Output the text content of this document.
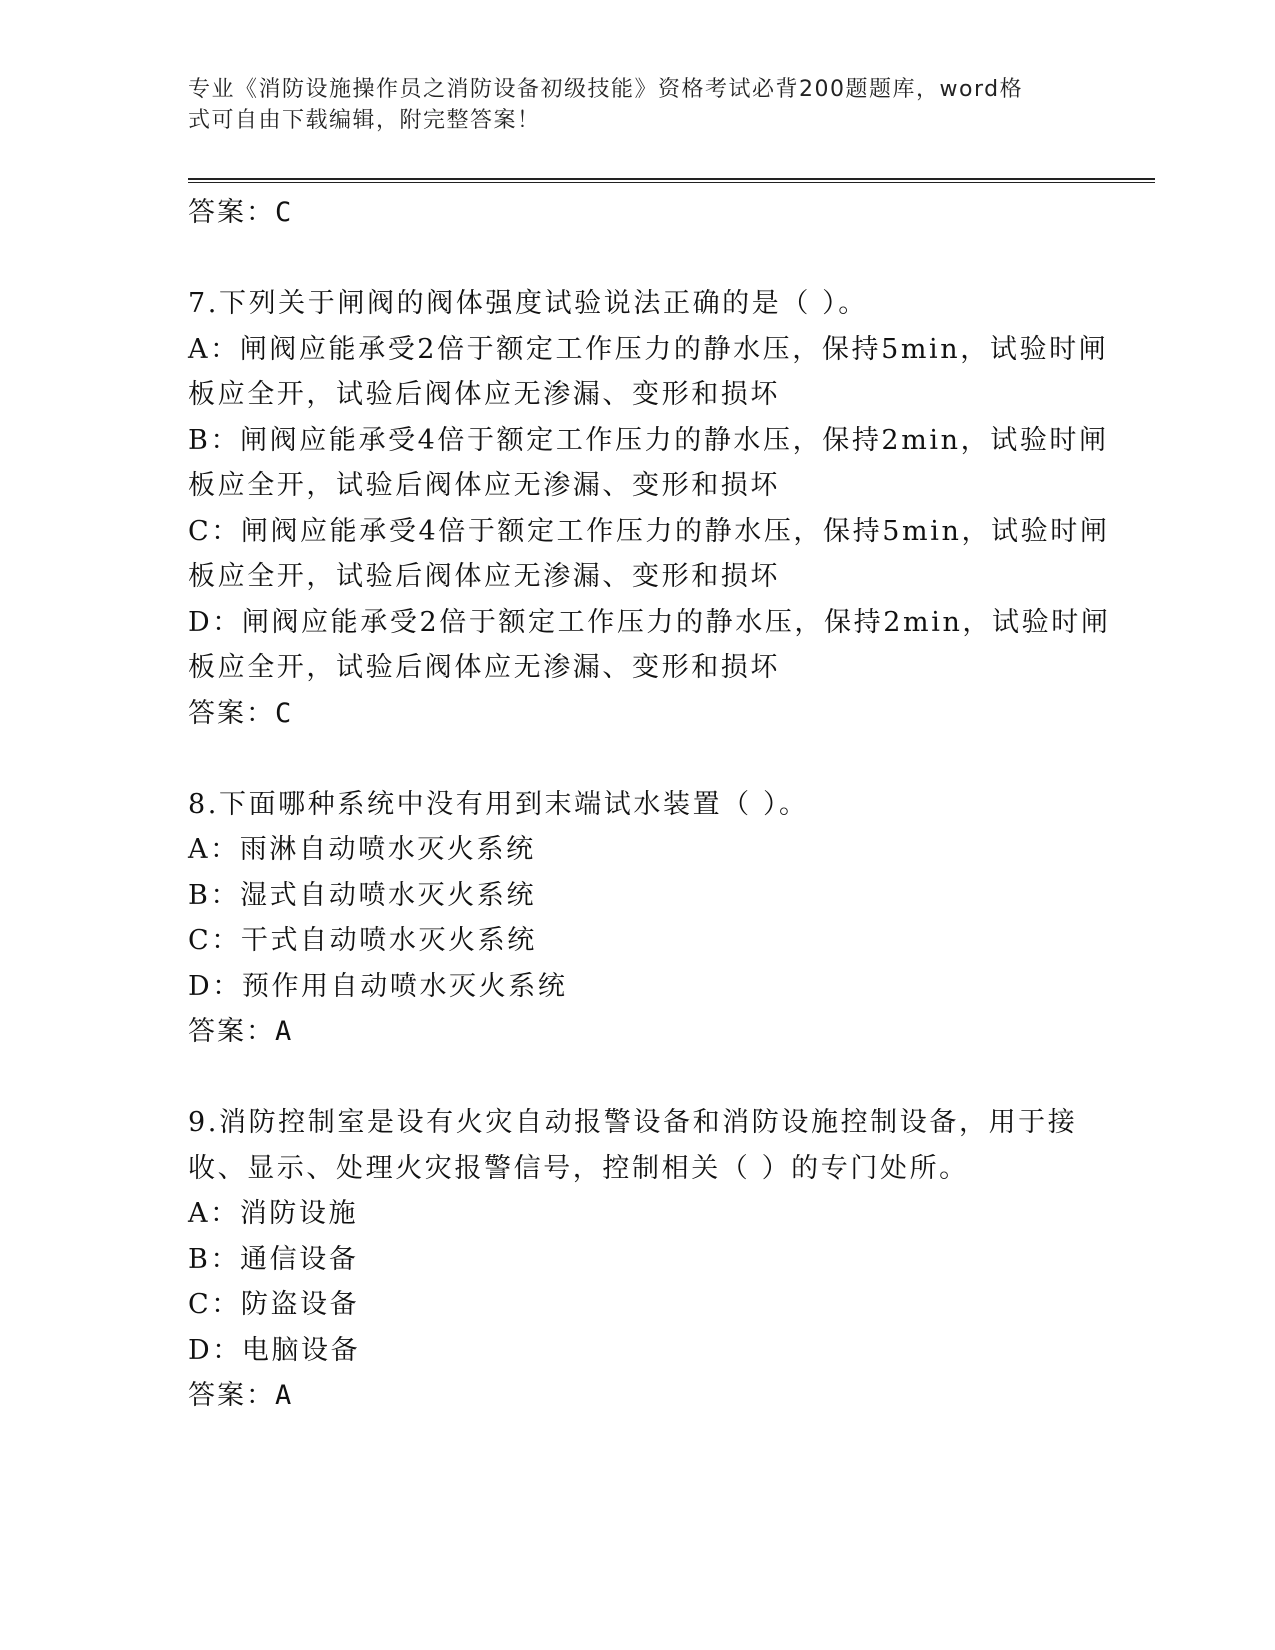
专业《消防设施操作员之消防设备初级技能》资格考试必背200题题库，word格
式可自由下载编辑，附完整答案！
答案：C
7.下列关于闸阀的阀体强度试验说法正确的是（ ）。
A：闸阀应能承受2倍于额定工作压力的静水压，保持5min，试验时闸
板应全开，试验后阀体应无渗漏、变形和损坏
B：闸阀应能承受4倍于额定工作压力的静水压，保持2min，试验时闸
板应全开，试验后阀体应无渗漏、变形和损坏
C：闸阀应能承受4倍于额定工作压力的静水压，保持5min，试验时闸
板应全开，试验后阀体应无渗漏、变形和损坏
D：闸阀应能承受2倍于额定工作压力的静水压，保持2min，试验时闸
板应全开，试验后阀体应无渗漏、变形和损坏
答案：C
8.下面哪种系统中没有用到末端试水装置（ ）。
A：雨淋自动喷水灭火系统
B：湿式自动喷水灭火系统
C：干式自动喷水灭火系统
D：预作用自动喷水灭火系统
答案：A
9.消防控制室是设有火灾自动报警设备和消防设施控制设备，用于接
收、显示、处理火灾报警信号，控制相关（ ）的专门处所。
A：消防设施
B：通信设备
C：防盗设备
D：电脑设备
答案：A
